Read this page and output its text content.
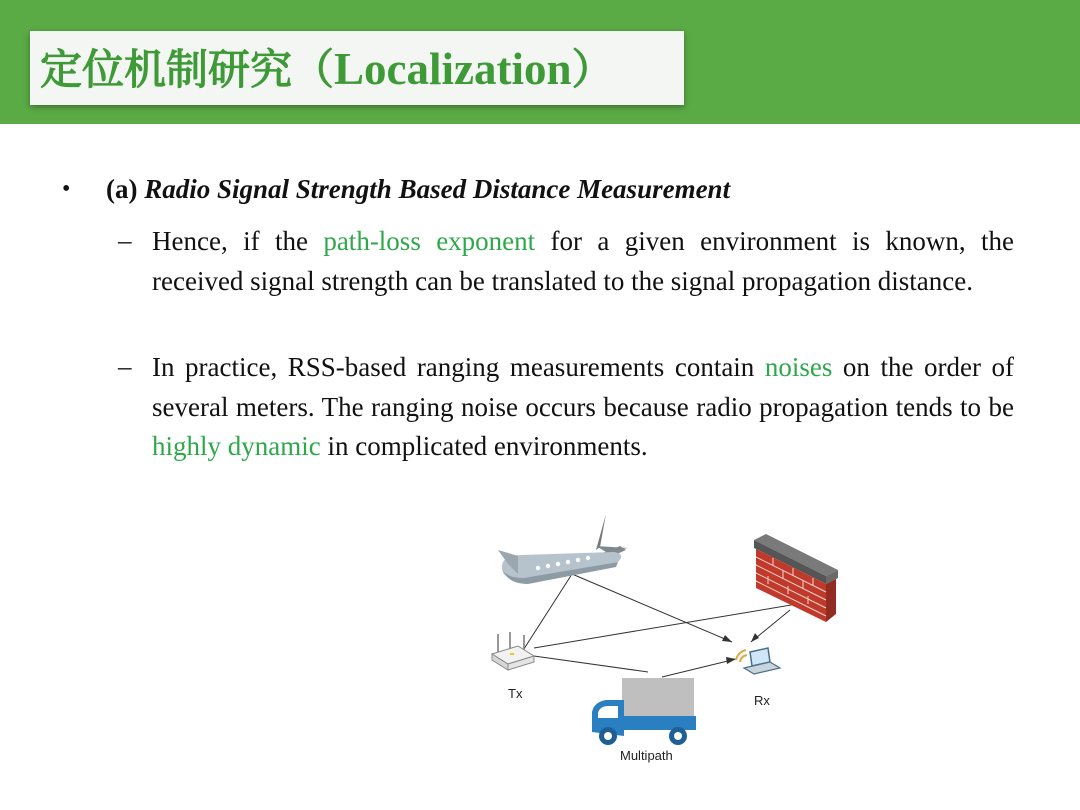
定位机制研究（Localization）
• (a) Radio Signal Strength Based Distance Measurement
– Hence, if the path-loss exponent for a given environment is known, the received signal strength can be translated to the signal propagation distance.
– In practice, RSS-based ranging measurements contain noises on the order of several meters. The ranging noise occurs because radio propagation tends to be highly dynamic in complicated environments.
Tx	Rx
Multipath
